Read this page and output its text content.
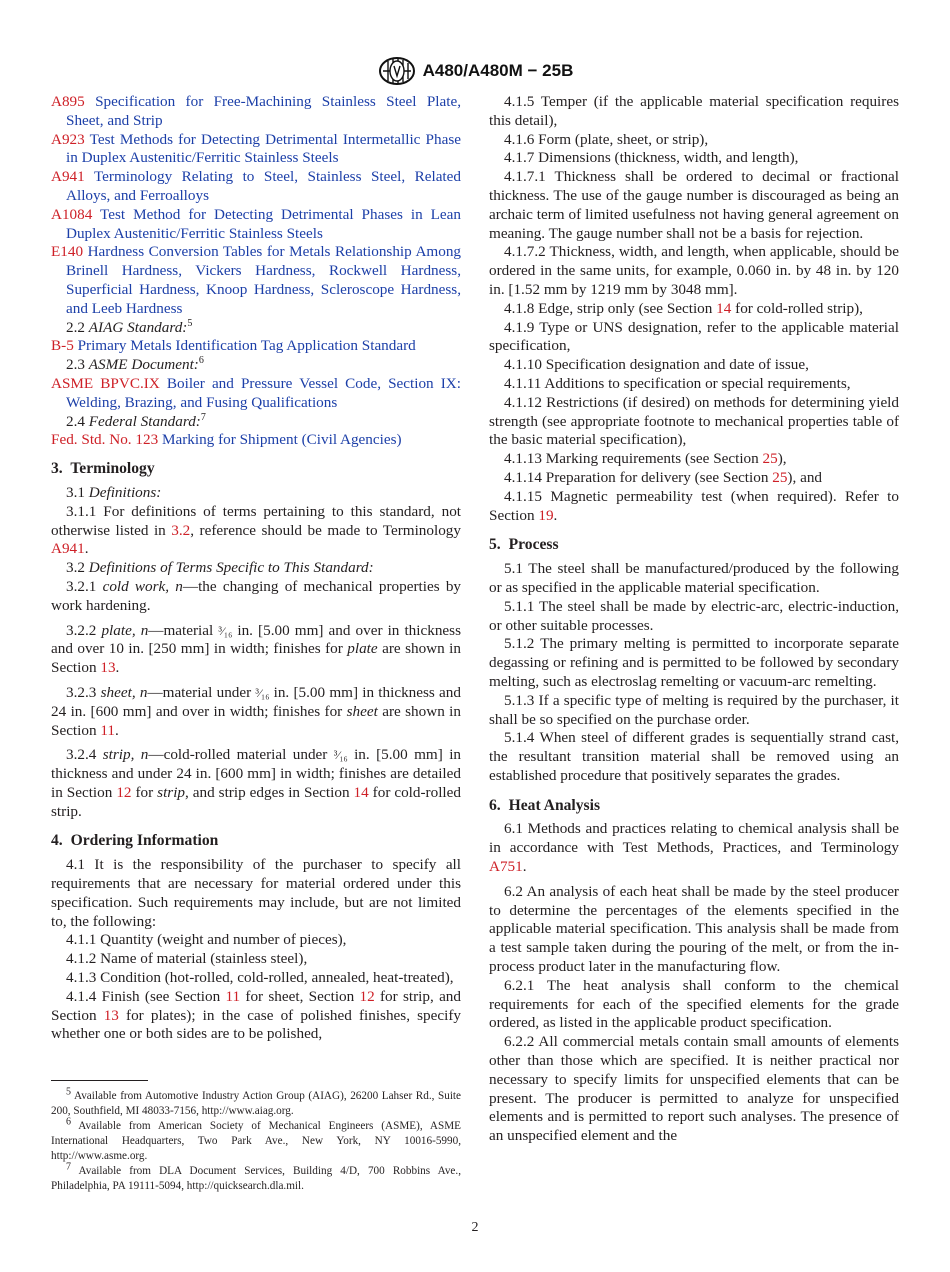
A480/A480M − 25B
A895 Specification for Free-Machining Stainless Steel Plate, Sheet, and Strip
A923 Test Methods for Detecting Detrimental Intermetallic Phase in Duplex Austenitic/Ferritic Stainless Steels
A941 Terminology Relating to Steel, Stainless Steel, Related Alloys, and Ferroalloys
A1084 Test Method for Detecting Detrimental Phases in Lean Duplex Austenitic/Ferritic Stainless Steels
E140 Hardness Conversion Tables for Metals Relationship Among Brinell Hardness, Vickers Hardness, Rockwell Hardness, Superficial Hardness, Knoop Hardness, Scleroscope Hardness, and Leeb Hardness
2.2 AIAG Standard:$^5$
B-5 Primary Metals Identification Tag Application Standard
2.3 ASME Document:$^6$
ASME BPVC.IX Boiler and Pressure Vessel Code, Section IX: Welding, Brazing, and Fusing Qualifications
2.4 Federal Standard:$^7$
Fed. Std. No. 123 Marking for Shipment (Civil Agencies)
3. Terminology
3.1 Definitions:
3.1.1 For definitions of terms pertaining to this standard, not otherwise listed in 3.2, reference should be made to Terminology A941.
3.2 Definitions of Terms Specific to This Standard:
3.2.1 cold work, n—the changing of mechanical properties by work hardening.
3.2.2 plate, n—material ³⁄₁₆ in. [5.00 mm] and over in thickness and over 10 in. [250 mm] in width; finishes for plate are shown in Section 13.
3.2.3 sheet, n—material under ³⁄₁₆ in. [5.00 mm] in thickness and 24 in. [600 mm] and over in width; finishes for sheet are shown in Section 11.
3.2.4 strip, n—cold-rolled material under ³⁄₁₆ in. [5.00 mm] in thickness and under 24 in. [600 mm] in width; finishes are detailed in Section 12 for strip, and strip edges in Section 14 for cold-rolled strip.
4. Ordering Information
4.1 It is the responsibility of the purchaser to specify all requirements that are necessary for material ordered under this specification. Such requirements may include, but are not limited to, the following:
4.1.1 Quantity (weight and number of pieces),
4.1.2 Name of material (stainless steel),
4.1.3 Condition (hot-rolled, cold-rolled, annealed, heat-treated),
4.1.4 Finish (see Section 11 for sheet, Section 12 for strip, and Section 13 for plates); in the case of polished finishes, specify whether one or both sides are to be polished,
$^5$ Available from Automotive Industry Action Group (AIAG), 26200 Lahser Rd., Suite 200, Southfield, MI 48033-7156, http://www.aiag.org.
$^6$ Available from American Society of Mechanical Engineers (ASME), ASME International Headquarters, Two Park Ave., New York, NY 10016-5990, http://www.asme.org.
$^7$ Available from DLA Document Services, Building 4/D, 700 Robbins Ave., Philadelphia, PA 19111-5094, http://quicksearch.dla.mil.
4.1.5 Temper (if the applicable material specification requires this detail),
4.1.6 Form (plate, sheet, or strip),
4.1.7 Dimensions (thickness, width, and length),
4.1.7.1 Thickness shall be ordered to decimal or fractional thickness. The use of the gauge number is discouraged as being an archaic term of limited usefulness not having general agreement on meaning. The gauge number shall not be a basis for rejection.
4.1.7.2 Thickness, width, and length, when applicable, should be ordered in the same units, for example, 0.060 in. by 48 in. by 120 in. [1.52 mm by 1219 mm by 3048 mm].
4.1.8 Edge, strip only (see Section 14 for cold-rolled strip),
4.1.9 Type or UNS designation, refer to the applicable material specification,
4.1.10 Specification designation and date of issue,
4.1.11 Additions to specification or special requirements,
4.1.12 Restrictions (if desired) on methods for determining yield strength (see appropriate footnote to mechanical properties table of the basic material specification),
4.1.13 Marking requirements (see Section 25),
4.1.14 Preparation for delivery (see Section 25), and
4.1.15 Magnetic permeability test (when required). Refer to Section 19.
5. Process
5.1 The steel shall be manufactured/produced by the following or as specified in the applicable material specification.
5.1.1 The steel shall be made by electric-arc, electric-induction, or other suitable processes.
5.1.2 The primary melting is permitted to incorporate separate degassing or refining and is permitted to be followed by secondary melting, such as electroslag remelting or vacuum-arc remelting.
5.1.3 If a specific type of melting is required by the purchaser, it shall be so specified on the purchase order.
5.1.4 When steel of different grades is sequentially strand cast, the resultant transition material shall be removed using an established procedure that positively separates the grades.
6. Heat Analysis
6.1 Methods and practices relating to chemical analysis shall be in accordance with Test Methods, Practices, and Terminology A751.
6.2 An analysis of each heat shall be made by the steel producer to determine the percentages of the elements specified in the applicable material specification. This analysis shall be made from a test sample taken during the pouring of the melt, or from the in-process product later in the manufacturing flow.
6.2.1 The heat analysis shall conform to the chemical requirements for each of the specified elements for the grade ordered, as listed in the applicable product specification.
6.2.2 All commercial metals contain small amounts of elements other than those which are specified. It is neither practical nor necessary to specify limits for unspecified elements that can be present. The producer is permitted to analyze for unspecified elements and is permitted to report such analyses. The presence of an unspecified element and the
2
